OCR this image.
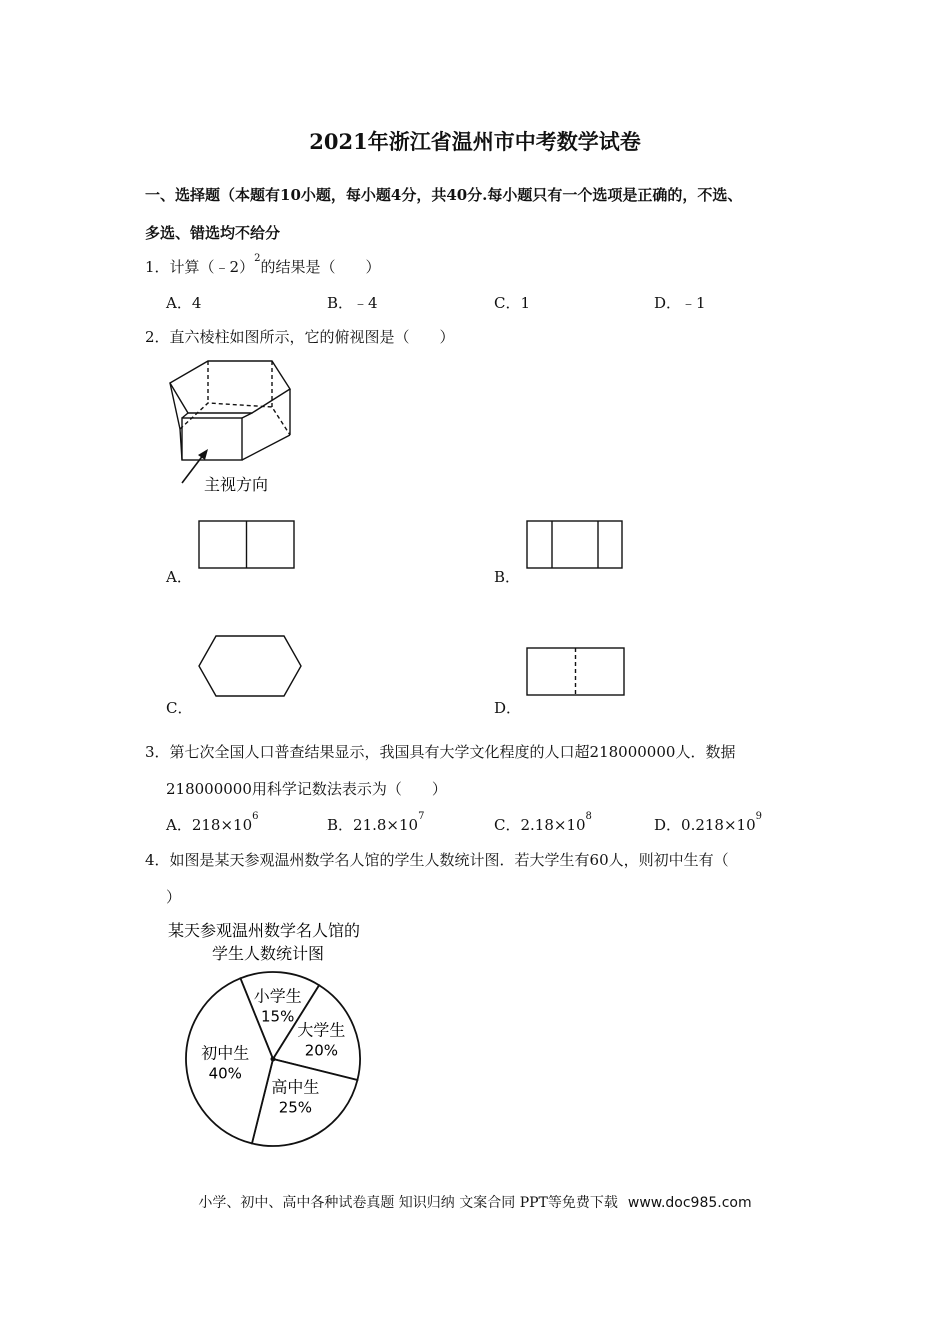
2021年浙江省温州市中考数学试卷
一、选择题（本题有10小题，每小题4分，共40分.每小题只有一个选项是正确的，不选、
多选、错选均不给分
1．计算（﹣2）$^2$的结果是（　　）
A．4	B．﹣4	C．1	D．﹣1
2．直六棱柱如图所示，它的俯视图是（　　）
主视方向
A．	B．
C．	D．
3．第七次全国人口普查结果显示，我国具有大学文化程度的人口超218000000人．数据
218000000用科学记数法表示为（　　）
A．$218\times 10^6$	B．$21.8\times 10^7$	C．$2.18\times 10^8$	D．$0.218\times 10^9$
4．如图是某天参观温州数学名人馆的学生人数统计图．若大学生有60人，则初中生有（
）
某天参观温州数学名人馆的
学生人数统计图
小学生
15%
大学生
20%
高中生
25%
初中生
40%
小学、初中、高中各种试卷真题 知识归纳 文案合同 PPT等免费下载 www.doc985.com
